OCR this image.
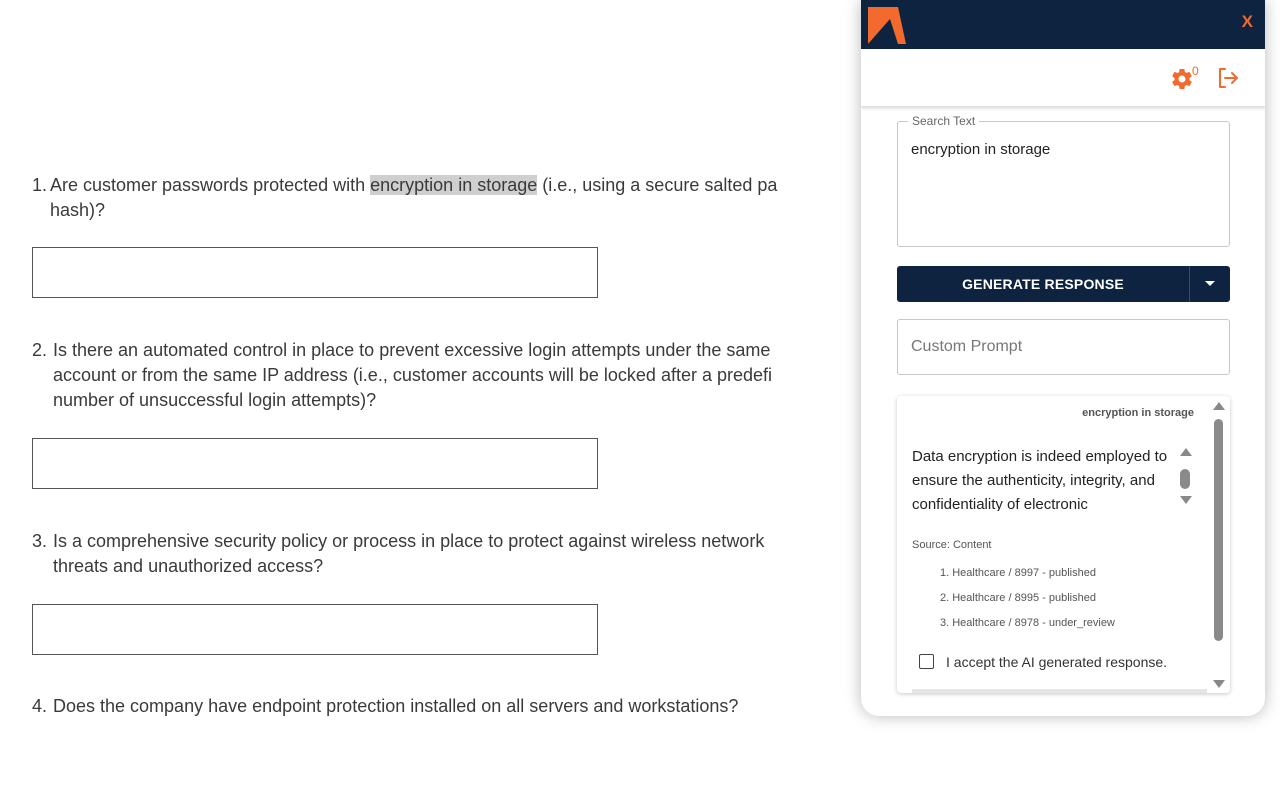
1. Are customer passwords protected with encryption in storage (i.e., using a secure salted pa
hash)?
2. Is there an automated control in place to prevent excessive login attempts under the same
account or from the same IP address (i.e., customer accounts will be locked after a predefi
number of unsuccessful login attempts)?
3. Is a comprehensive security policy or process in place to protect against wireless network
threats and unauthorized access?
4. Does the company have endpoint protection installed on all servers and workstations?
X
0
Search Text
encryption in storage
GENERATE RESPONSE
Custom Prompt
encryption in storage
Data encryption is indeed employed to ensure the authenticity, integrity, and confidentiality of electronic
Source: Content
1. Healthcare / 8997 - published
2. Healthcare / 8995 - published
3. Healthcare / 8978 - under_review
I accept the AI generated response.
